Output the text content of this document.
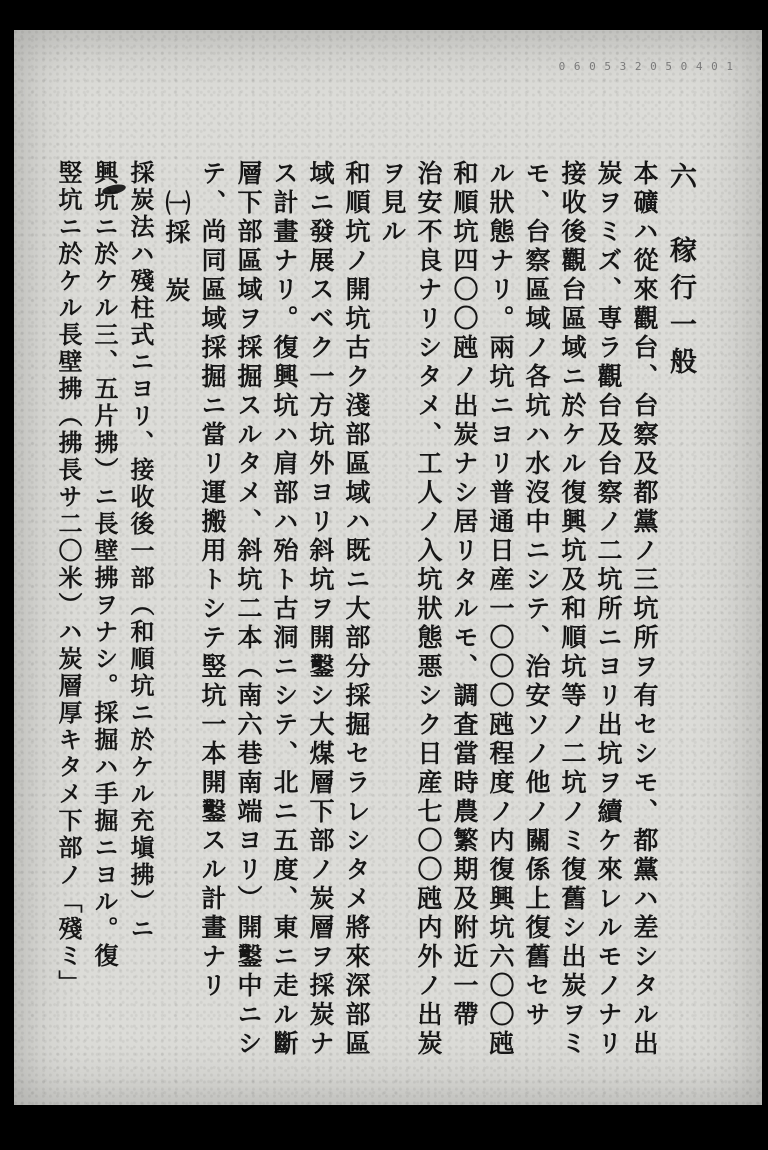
0 6 0 5 3 2 0 5 0 4 0 1
六　稼行一般
本礦ハ從來觀台、台察及都黨ノ三坑所ヲ有セシモ、都黨ハ差シタル出
炭ヲミズ、専ラ觀台及台察ノ二坑所ニヨリ出坑ヲ續ケ來レルモノナリ
接收後觀台區域ニ於ケル復興坑及和順坑等ノ二坑ノミ復舊シ出炭ヲミ
モ、台察區域ノ各坑ハ水沒中ニシテ、治安ソノ他ノ關係上復舊セサ
ル狀態ナリ。兩坑ニヨリ普通日産一〇〇〇瓲程度ノ内復興坑六〇〇瓲
和順坑四〇〇瓲ノ出炭ナシ居リタルモ、調査當時農繁期及附近一帶
治安不良ナリシタメ、工人ノ入坑狀態悪シク日産七〇〇瓲内外ノ出炭
ヲ見ル
和順坑ノ開坑古ク淺部區域ハ既ニ大部分採掘セラレシタメ將來深部區
域ニ發展スベク一方坑外ヨリ斜坑ヲ開鑿シ大煤層下部ノ炭層ヲ採炭ナ
ス計畫ナリ。復興坑ハ肩部ハ殆ト古洞ニシテ、北ニ五度、東ニ走ル斷
層下部區域ヲ採掘スルタメ、斜坑二本（南六巷南端ヨリ）開鑿中ニシ
テ、尚同區域採掘ニ當リ運搬用トシテ竪坑一本開鑿スル計畫ナリ
㈠採　炭
採炭法ハ殘柱式ニヨリ、接收後一部（和順坑ニ於ケル充塡拂）ニ
興坑ニ於ケル三、五片拂）ニ長壁拂ヲナシ。採掘ハ手掘ニヨル。復
竪坑ニ於ケル長壁拂（拂長サ二〇米）ハ炭層厚キタメ下部ノ「殘ミ」
